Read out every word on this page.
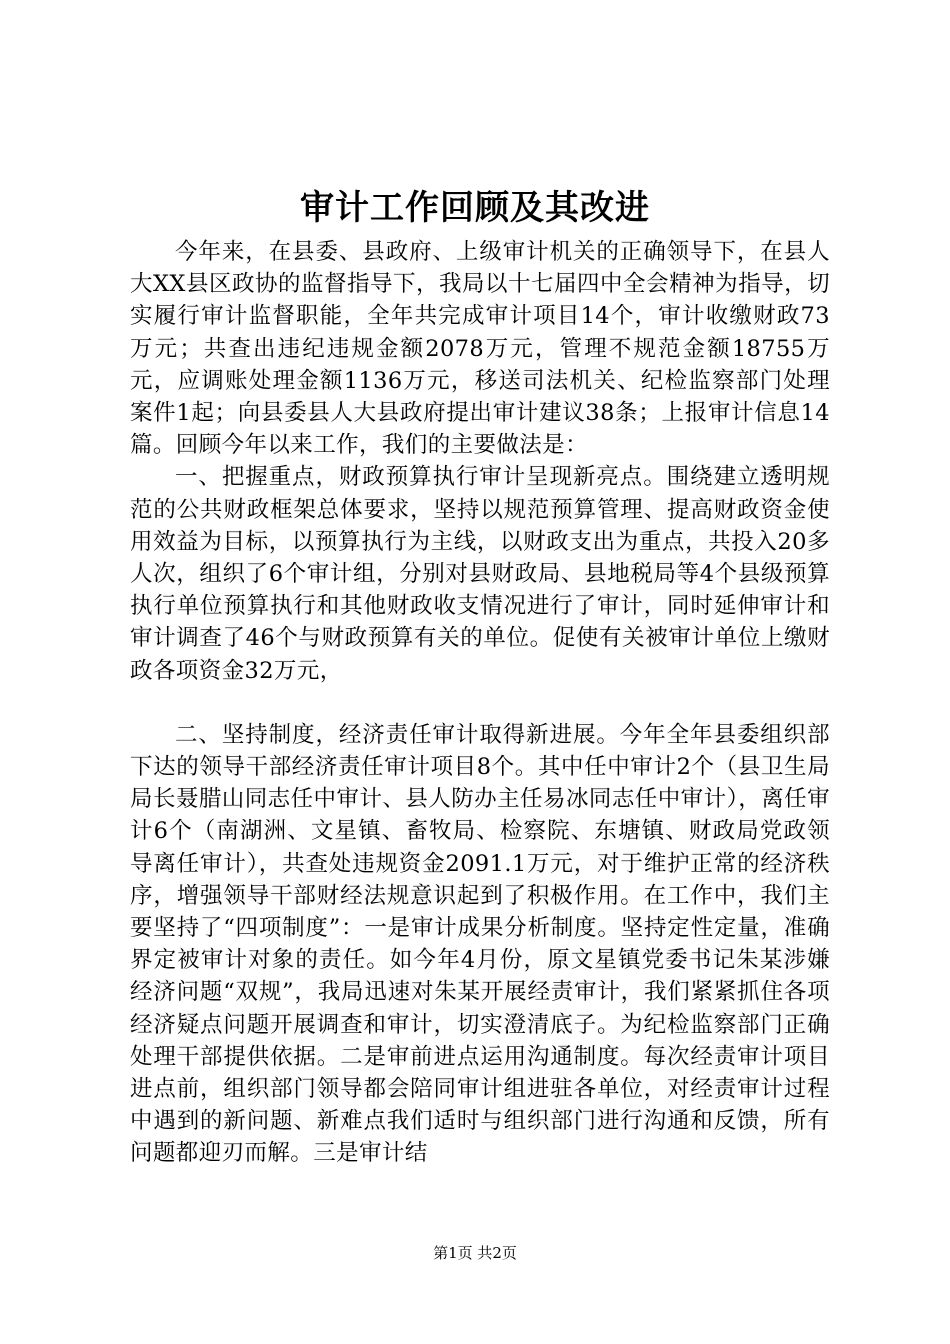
审计工作回顾及其改进

今年来，在县委、县政府、上级审计机关的正确领导下，在县人大XX县区政协的监督指导下，我局以十七届四中全会精神为指导，切实履行审计监督职能，全年共完成审计项目14个，审计收缴财政73万元；共查出违纪违规金额2078万元，管理不规范金额18755万元，应调账处理金额1136万元，移送司法机关、纪检监察部门处理案件1起；向县委县人大县政府提出审计建议38条；上报审计信息14篇。回顾今年以来工作，我们的主要做法是：

一、把握重点，财政预算执行审计呈现新亮点。围绕建立透明规范的公共财政框架总体要求，坚持以规范预算管理、提高财政资金使用效益为目标，以预算执行为主线，以财政支出为重点，共投入20多人次，组织了6个审计组，分别对县财政局、县地税局等4个县级预算执行单位预算执行和其他财政收支情况进行了审计，同时延伸审计和审计调查了46个与财政预算有关的单位。促使有关被审计单位上缴财政各项资金32万元，

二、坚持制度，经济责任审计取得新进展。今年全年县委组织部下达的领导干部经济责任审计项目8个。其中任中审计2个（县卫生局局长聂腊山同志任中审计、县人防办主任易冰同志任中审计），离任审计6个（南湖洲、文星镇、畜牧局、检察院、东塘镇、财政局党政领导离任审计），共查处违规资金2091.1万元，对于维护正常的经济秩序，增强领导干部财经法规意识起到了积极作用。在工作中，我们主要坚持了“四项制度”：一是审计成果分析制度。坚持定性定量，准确界定被审计对象的责任。如今年4月份，原文星镇党委书记朱某涉嫌经济问题“双规”，我局迅速对朱某开展经责审计，我们紧紧抓住各项经济疑点问题开展调查和审计，切实澄清底子。为纪检监察部门正确处理干部提供依据。二是审前进点运用沟通制度。每次经责审计项目进点前，组织部门领导都会陪同审计组进驻各单位，对经责审计过程中遇到的新问题、新难点我们适时与组织部门进行沟通和反馈，所有问题都迎刃而解。三是审计结

第1页 共2页
